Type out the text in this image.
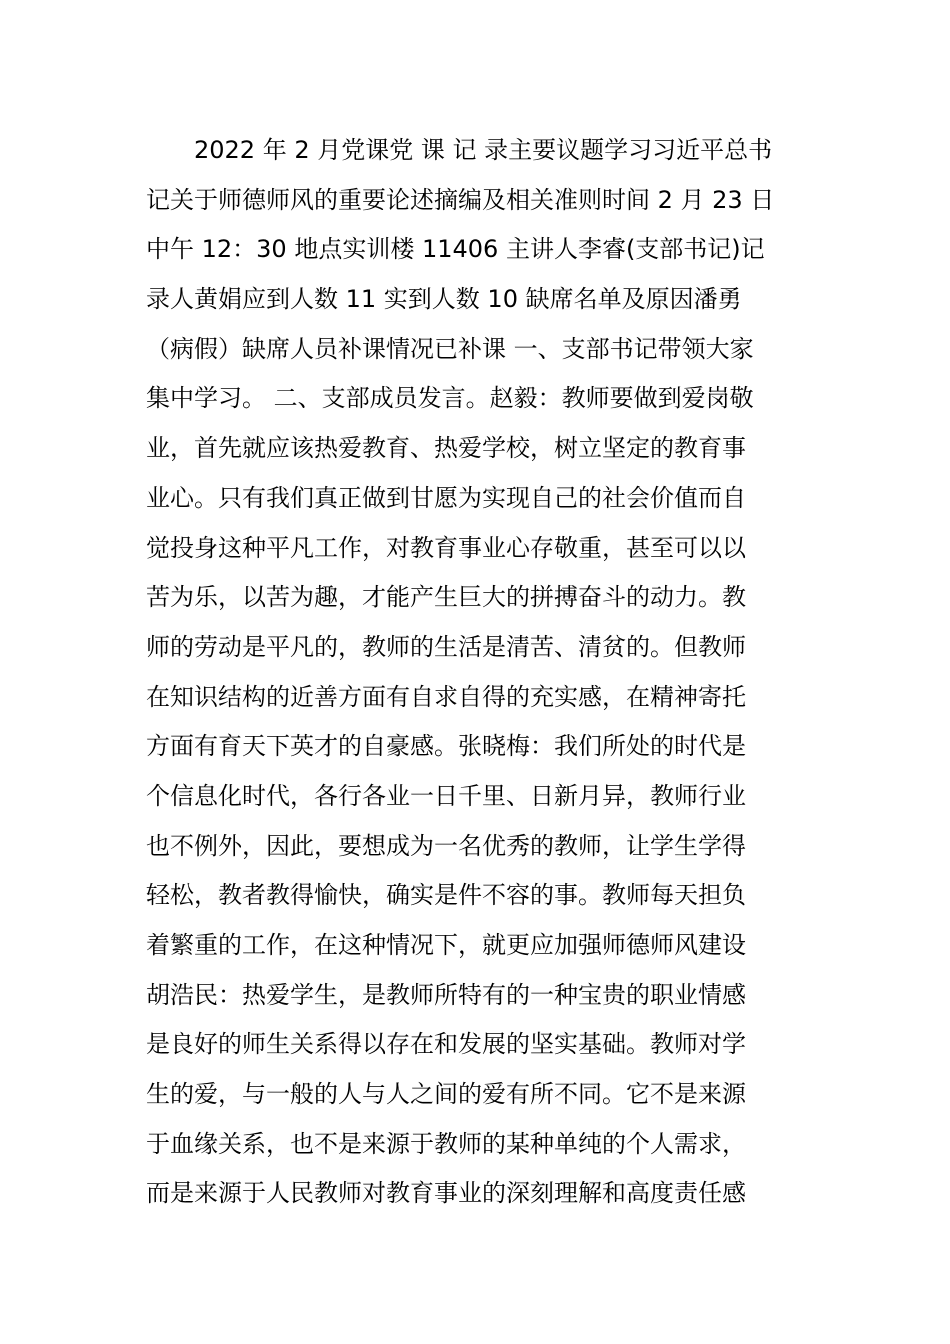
2022 年 2 月党课党 课 记 录主要议题学习习近平总书
记关于师德师风的重要论述摘编及相关准则时间 2 月 23 日
中午 12：30 地点实训楼 11406 主讲人李睿(支部书记)记
录人黄娟应到人数 11 实到人数 10 缺席名单及原因潘勇
（病假）缺席人员补课情况已补课 一、支部书记带领大家
集中学习。 二、支部成员发言。赵毅：教师要做到爱岗敬
业，首先就应该热爱教育、热爱学校，树立坚定的教育事
业心。只有我们真正做到甘愿为实现自己的社会价值而自
觉投身这种平凡工作，对教育事业心存敬重，甚至可以以
苦为乐，以苦为趣，才能产生巨大的拼搏奋斗的动力。教
师的劳动是平凡的，教师的生活是清苦、清贫的。但教师
在知识结构的近善方面有自求自得的充实感，在精神寄托
方面有育天下英才的自豪感。张晓梅：我们所处的时代是
个信息化时代，各行各业一日千里、日新月异，教师行业
也不例外，因此，要想成为一名优秀的教师，让学生学得
轻松，教者教得愉快，确实是件不容的事。教师每天担负
着繁重的工作，在这种情况下，就更应加强师德师风建设
胡浩民：热爱学生，是教师所特有的一种宝贵的职业情感
是良好的师生关系得以存在和发展的坚实基础。教师对学
生的爱，与一般的人与人之间的爱有所不同。它不是来源
于血缘关系，也不是来源于教师的某种单纯的个人需求，
而是来源于人民教师对教育事业的深刻理解和高度责任感
